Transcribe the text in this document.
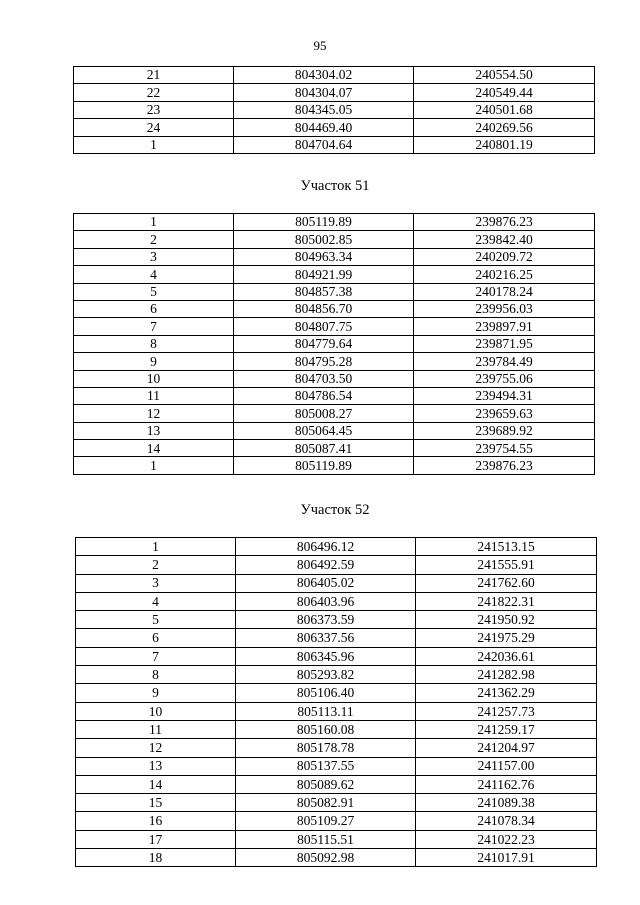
95
21	804304.02	240554.50
22	804304.07	240549.44
23	804345.05	240501.68
24	804469.40	240269.56
1	804704.64	240801.19
Участок 51
1	805119.89	239876.23
2	805002.85	239842.40
3	804963.34	240209.72
4	804921.99	240216.25
5	804857.38	240178.24
6	804856.70	239956.03
7	804807.75	239897.91
8	804779.64	239871.95
9	804795.28	239784.49
10	804703.50	239755.06
11	804786.54	239494.31
12	805008.27	239659.63
13	805064.45	239689.92
14	805087.41	239754.55
1	805119.89	239876.23
Участок 52
1	806496.12	241513.15
2	806492.59	241555.91
3	806405.02	241762.60
4	806403.96	241822.31
5	806373.59	241950.92
6	806337.56	241975.29
7	806345.96	242036.61
8	805293.82	241282.98
9	805106.40	241362.29
10	805113.11	241257.73
11	805160.08	241259.17
12	805178.78	241204.97
13	805137.55	241157.00
14	805089.62	241162.76
15	805082.91	241089.38
16	805109.27	241078.34
17	805115.51	241022.23
18	805092.98	241017.91
